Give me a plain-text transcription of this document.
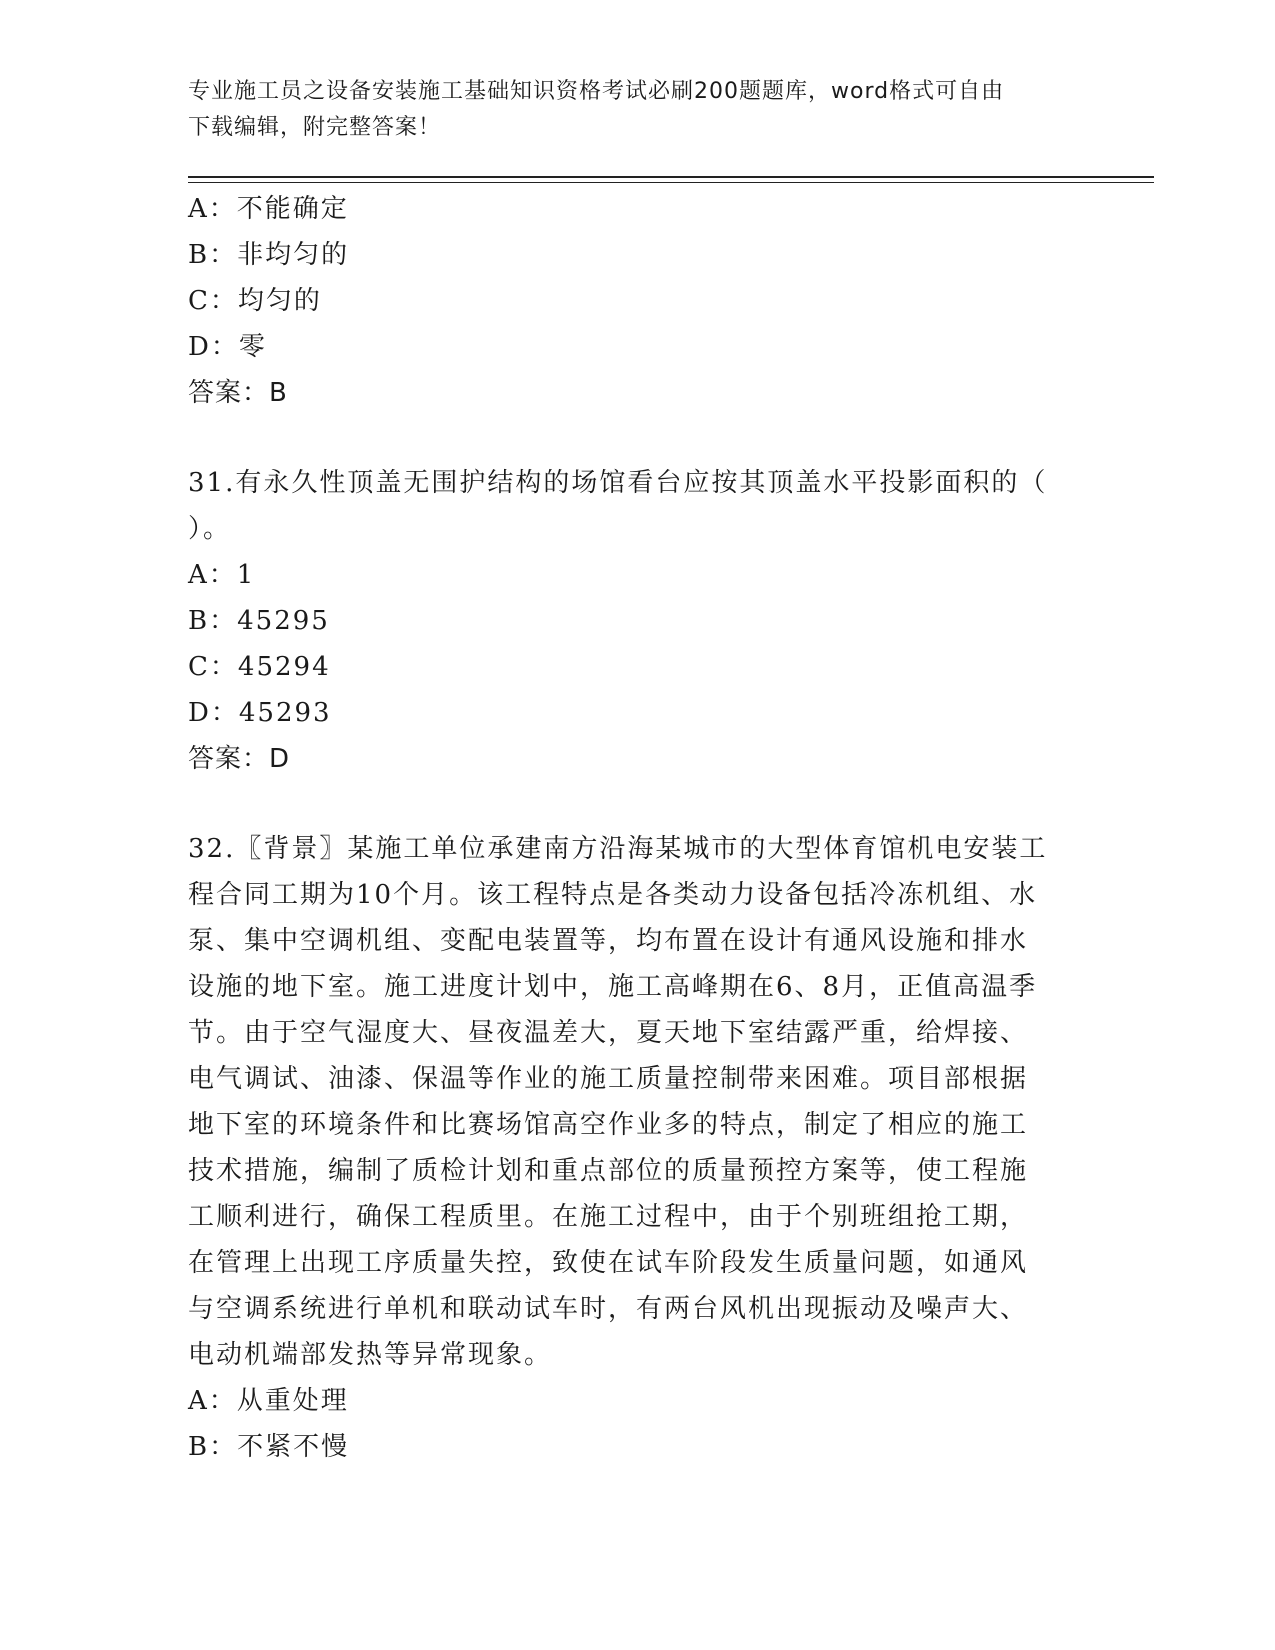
专业施工员之设备安装施工基础知识资格考试必刷200题题库，word格式可自由
下载编辑，附完整答案！
A：不能确定
B：非均匀的
C：均匀的
D：零
答案：B
31.有永久性顶盖无围护结构的场馆看台应按其顶盖水平投影面积的（
）。
A：1
B：45295
C：45294
D：45293
答案：D
32.〖背景〗某施工单位承建南方沿海某城市的大型体育馆机电安装工
程合同工期为10个月。该工程特点是各类动力设备包括冷冻机组、水
泵、集中空调机组、变配电装置等，均布置在设计有通风设施和排水
设施的地下室。施工进度计划中，施工高峰期在6、8月，正值高温季
节。由于空气湿度大、昼夜温差大，夏天地下室结露严重，给焊接、
电气调试、油漆、保温等作业的施工质量控制带来困难。项目部根据
地下室的环境条件和比赛场馆高空作业多的特点，制定了相应的施工
技术措施，编制了质检计划和重点部位的质量预控方案等，使工程施
工顺利进行，确保工程质里。在施工过程中，由于个别班组抢工期，
在管理上出现工序质量失控，致使在试车阶段发生质量问题，如通风
与空调系统进行单机和联动试车时，有两台风机出现振动及噪声大、
电动机端部发热等异常现象。
A：从重处理
B：不紧不慢
